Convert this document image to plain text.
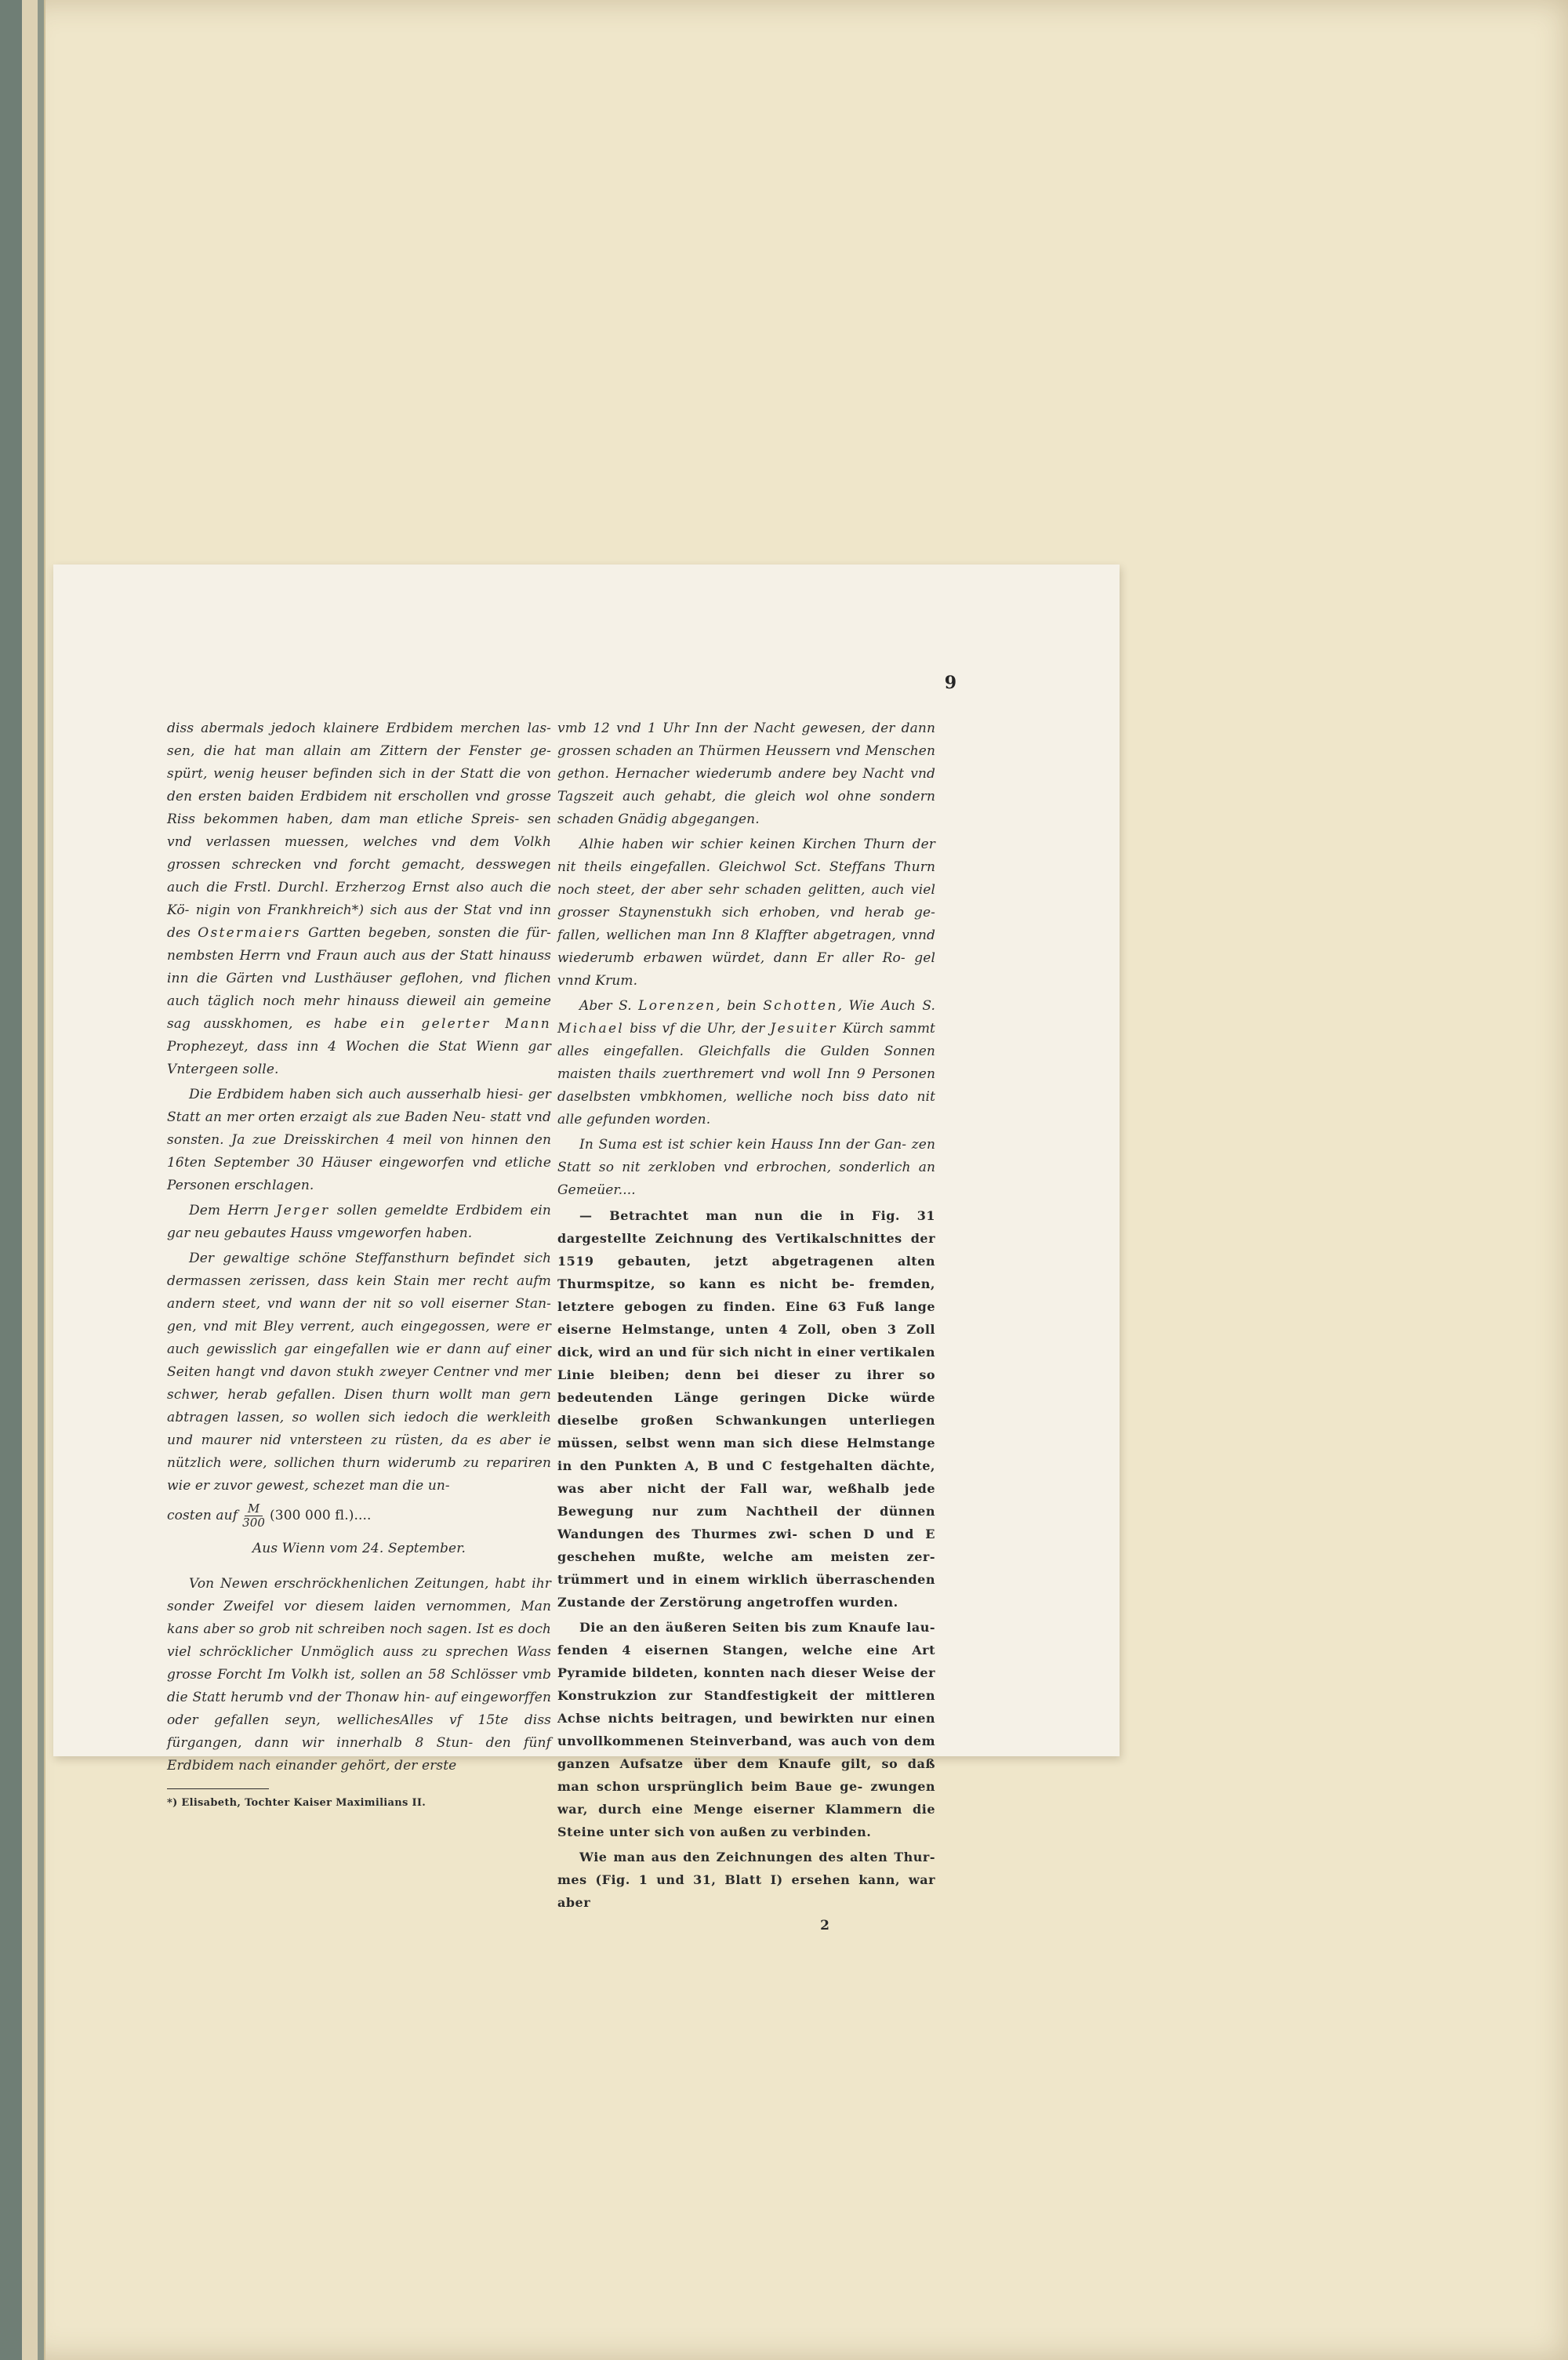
9

diss abermals jedoch klainere Erdbidem merchen las- sen, die hat man allain am Zittern der Fenster ge- spürt, wenig heuser befinden sich in der Statt die von den ersten baiden Erdbidem nit erschollen vnd grosse Riss bekommen haben, dam man etliche Spreis- sen vnd verlassen muessen, welches vnd dem Volkh grossen schrecken vnd forcht gemacht, desswegen auch die Frstl. Durchl. Erzherzog Ernst also auch die Kö- nigin von Frankhreich*) sich aus der Stat vnd inn des Ostermaiers Gartten begeben, sonsten die für- nembsten Herrn vnd Fraun auch aus der Statt hinauss inn die Gärten vnd Lusthäuser geflohen, vnd flichen auch täglich noch mehr hinauss dieweil ain gemeine sag ausskhomen, es habe ein gelerter Mann Prophezeyt, dass inn 4 Wochen die Stat Wienn gar Vntergeen solle.

Die Erdbidem haben sich auch ausserhalb hiesi- ger Statt an mer orten erzaigt als zue Baden Neu- statt vnd sonsten. Ja zue Dreisskirchen 4 meil von hinnen den 16ten September 30 Häuser eingeworfen vnd etliche Personen erschlagen.

Dem Herrn Jerger sollen gemeldte Erdbidem ein gar neu gebautes Hauss vmgeworfen haben.

Der gewaltige schöne Steffansthurn befindet sich dermassen zerissen, dass kein Stain mer recht aufm andern steet, vnd wann der nit so voll eiserner Stan- gen, vnd mit Bley verrent, auch eingegossen, were er auch gewisslich gar eingefallen wie er dann auf einer Seiten hangt vnd davon stukh zweyer Centner vnd mer schwer, herab gefallen. Disen thurn wollt man gern abtragen lassen, so wollen sich iedoch die werkleith und maurer nid vntersteen zu rüsten, da es aber ie nützlich were, sollichen thurn widerumb zu repariren wie er zuvor gewest, schezet man die un-

costen auf $\frac{M}{300} (300$ 000 fl.)....
Aus Wienn vom 24. September.

Von Newen erschröckhenlichen Zeitungen, habt ihr sonder Zweifel vor diesem laiden vernommen, Man kans aber so grob nit schreiben noch sagen. Ist es doch viel schröcklicher Unmöglich auss zu sprechen Wass grosse Forcht Im Volkh ist, sollen an 58 Schlösser vmb die Statt herumb vnd der Thonaw hin- auf eingeworffen oder gefallen seyn, wellichesAlles vf 15te diss fürgangen, dann wir innerhalb 8 Stun- den fünf Erdbidem nach einander gehört, der erste

*) Elisabeth, Tochter Kaiser Maximilians II.

vmb 12 vnd 1 Uhr Inn der Nacht gewesen, der dann grossen schaden an Thürmen Heussern vnd Menschen gethon. Hernacher wiederumb andere bey Nacht vnd Tagszeit auch gehabt, die gleich wol ohne sondern schaden Gnädig abgegangen.

Alhie haben wir schier keinen Kirchen Thurn der nit theils eingefallen. Gleichwol Sct. Steffans Thurn noch steet, der aber sehr schaden gelitten, auch viel grosser Staynenstukh sich erhoben, vnd herab ge- fallen, wellichen man Inn 8 Klaffter abgetragen, vnnd wiederumb erbawen würdet, dann Er aller Ro- gel vnnd Krum.

Aber S. Lorenzen, bein Schotten, Wie Auch S. Michael biss vf die Uhr, der Jesuiter Kürch sammt alles eingefallen. Gleichfalls die Gulden Sonnen maisten thails zuerthremert vnd woll Inn 9 Personen daselbsten vmbkhomen, welliche noch biss dato nit alle gefunden worden.

In Suma est ist schier kein Hauss Inn der Gan- zen Statt so nit zerkloben vnd erbrochen, sonderlich an Gemeüer....

— Betrachtet man nun die in Fig. 31 dargestellte Zeichnung des Vertikalschnittes der 1519 gebauten, jetzt abgetragenen alten Thurmspitze, so kann es nicht be- fremden, letztere gebogen zu finden. Eine 63 Fuß lange eiserne Helmstange, unten 4 Zoll, oben 3 Zoll dick, wird an und für sich nicht in einer vertikalen Linie bleiben; denn bei dieser zu ihrer so bedeutenden Länge geringen Dicke würde dieselbe großen Schwankungen unterliegen müssen, selbst wenn man sich diese Helmstange in den Punkten A, B und C festgehalten dächte, was aber nicht der Fall war, weßhalb jede Bewegung nur zum Nachtheil der dünnen Wandungen des Thurmes zwi- schen D und E geschehen mußte, welche am meisten zer- trümmert und in einem wirklich überraschenden Zustande der Zerstörung angetroffen wurden.

Die an den äußeren Seiten bis zum Knaufe lau- fenden 4 eisernen Stangen, welche eine Art Pyramide bildeten, konnten nach dieser Weise der Konstrukzion zur Standfestigkeit der mittleren Achse nichts beitragen, und bewirkten nur einen unvollkommenen Steinverband, was auch von dem ganzen Aufsatze über dem Knaufe gilt, so daß man schon ursprünglich beim Baue ge- zwungen war, durch eine Menge eiserner Klammern die Steine unter sich von außen zu verbinden.

Wie man aus den Zeichnungen des alten Thur- mes (Fig. 1 und 31, Blatt I) ersehen kann, war aber

2
